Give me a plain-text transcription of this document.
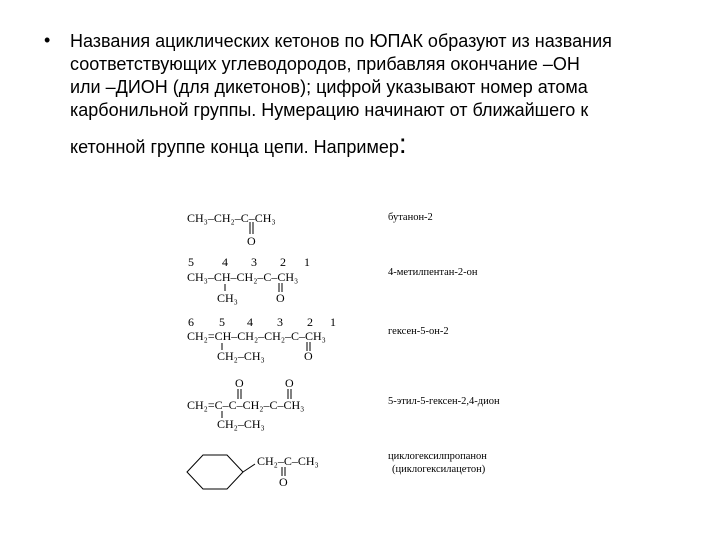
• Названия ациклических кетонов по ЮПАК образуют из названия
соответствующих углеводородов, прибавляя окончание –ОН
или –ДИОН (для дикетонов); цифрой указывают номер атома
карбонильной группы. Нумерацию начинают от ближайшего к
кетонной группе конца цепи. Например:
CH₃–CH₂–C–CH₃
O
бутанон-2
5 4 3 2 1
CH₃–CH–CH₂–C–CH₃
CH₃	O
4-метилпентан-2-он
6 5 4 3 2 1
CH₂=CH–CH₂–CH₂–C–CH₃
CH₂–CH₃	O
гексен-5-он-2
O	O
CH₂=C–C–CH₂–C–CH₃
CH₂–CH₃
5-этил-5-гексен-2,4-дион
CH₂–C–CH₃
O
циклогексилпропанон
(циклогексилацетон)
